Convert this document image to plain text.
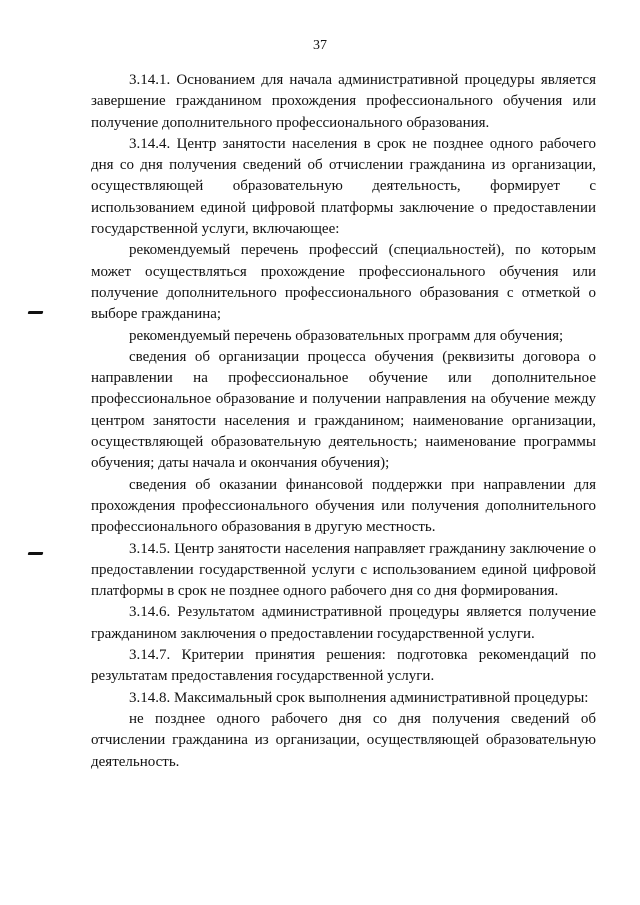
37

3.14.1. Основанием для начала административной процедуры является завершение гражданином прохождения профессионального обучения или получение дополнительного профессионального образования.

3.14.4. Центр занятости населения в срок не позднее одного рабочего дня со дня получения сведений об отчислении гражданина из организации, осуществляющей образовательную деятельность, формирует с использованием единой цифровой платформы заключение о предоставлении государственной услуги, включающее:

рекомендуемый перечень профессий (специальностей), по которым может осуществляться прохождение профессионального обучения или получение дополнительного профессионального образования с отметкой о выборе гражданина;

рекомендуемый перечень образовательных программ для обучения;

сведения об организации процесса обучения (реквизиты договора о направлении на профессиональное обучение или дополнительное профессиональное образование и получении направления на обучение между центром занятости населения и гражданином; наименование организации, осуществляющей образовательную деятельность; наименование программы обучения; даты начала и окончания обучения);

сведения об оказании финансовой поддержки при направлении для прохождения профессионального обучения или получения дополнительного профессионального образования в другую местность.

3.14.5. Центр занятости населения направляет гражданину заключение о предоставлении государственной услуги с использованием единой цифровой платформы в срок не позднее одного рабочего дня со дня формирования.

3.14.6. Результатом административной процедуры является получение гражданином заключения о предоставлении государственной услуги.

3.14.7. Критерии принятия решения: подготовка рекомендаций по результатам предоставления государственной услуги.

3.14.8. Максимальный срок выполнения административной процедуры:

не позднее одного рабочего дня со дня получения сведений об отчислении гражданина из организации, осуществляющей образовательную деятельность.
